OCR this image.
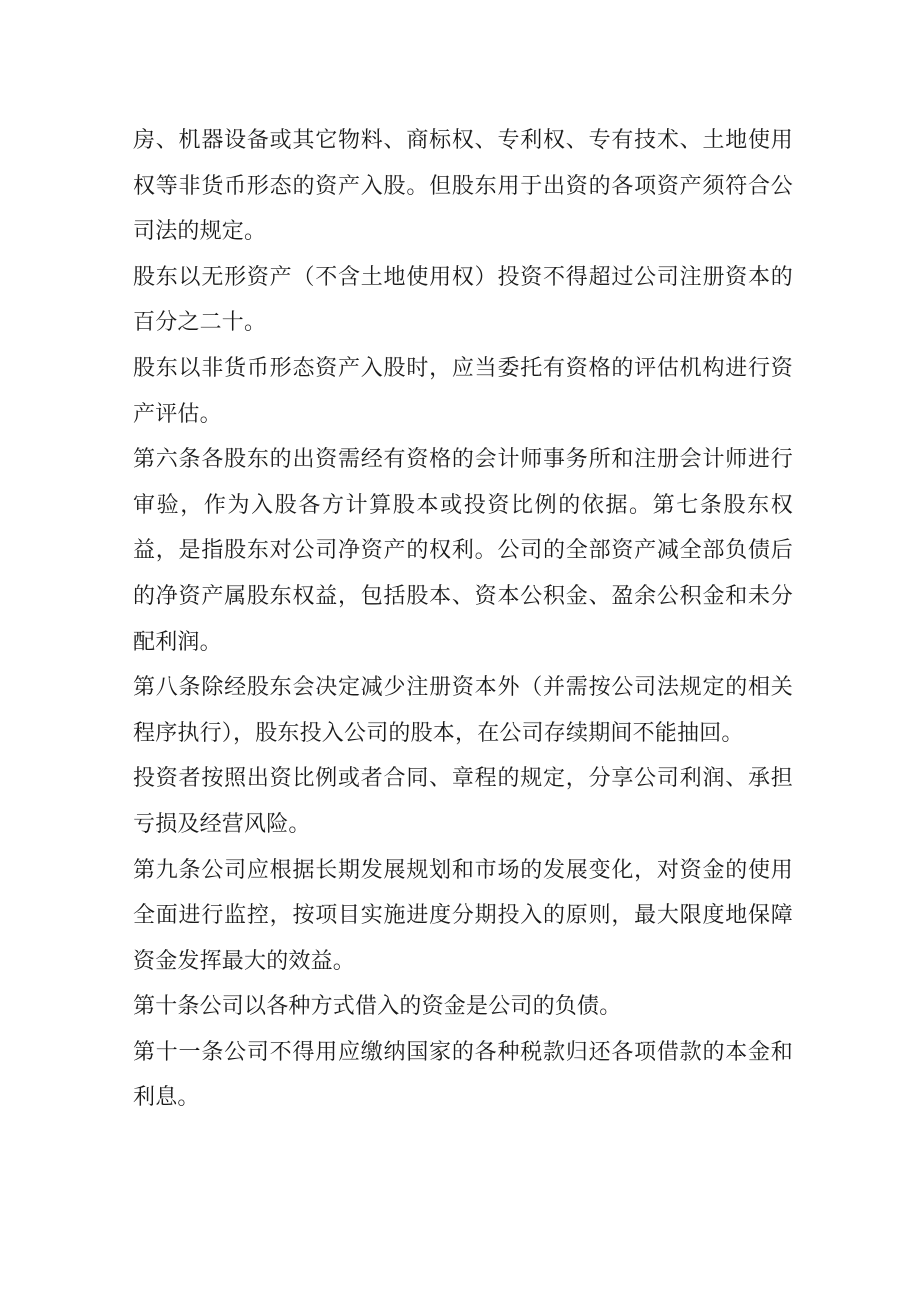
房、机器设备或其它物料、商标权、专利权、专有技术、土地使用权等非货币形态的资产入股。但股东用于出资的各项资产须符合公司法的规定。

股东以无形资产（不含土地使用权）投资不得超过公司注册资本的百分之二十。

股东以非货币形态资产入股时，应当委托有资格的评估机构进行资产评估。

第六条各股东的出资需经有资格的会计师事务所和注册会计师进行审验，作为入股各方计算股本或投资比例的依据。第七条股东权益，是指股东对公司净资产的权利。公司的全部资产减全部负债后的净资产属股东权益，包括股本、资本公积金、盈余公积金和未分配利润。

第八条除经股东会决定减少注册资本外（并需按公司法规定的相关程序执行），股东投入公司的股本，在公司存续期间不能抽回。

投资者按照出资比例或者合同、章程的规定，分享公司利润、承担亏损及经营风险。

第九条公司应根据长期发展规划和市场的发展变化，对资金的使用全面进行监控，按项目实施进度分期投入的原则，最大限度地保障资金发挥最大的效益。

第十条公司以各种方式借入的资金是公司的负债。

第十一条公司不得用应缴纳国家的各种税款归还各项借款的本金和利息。
